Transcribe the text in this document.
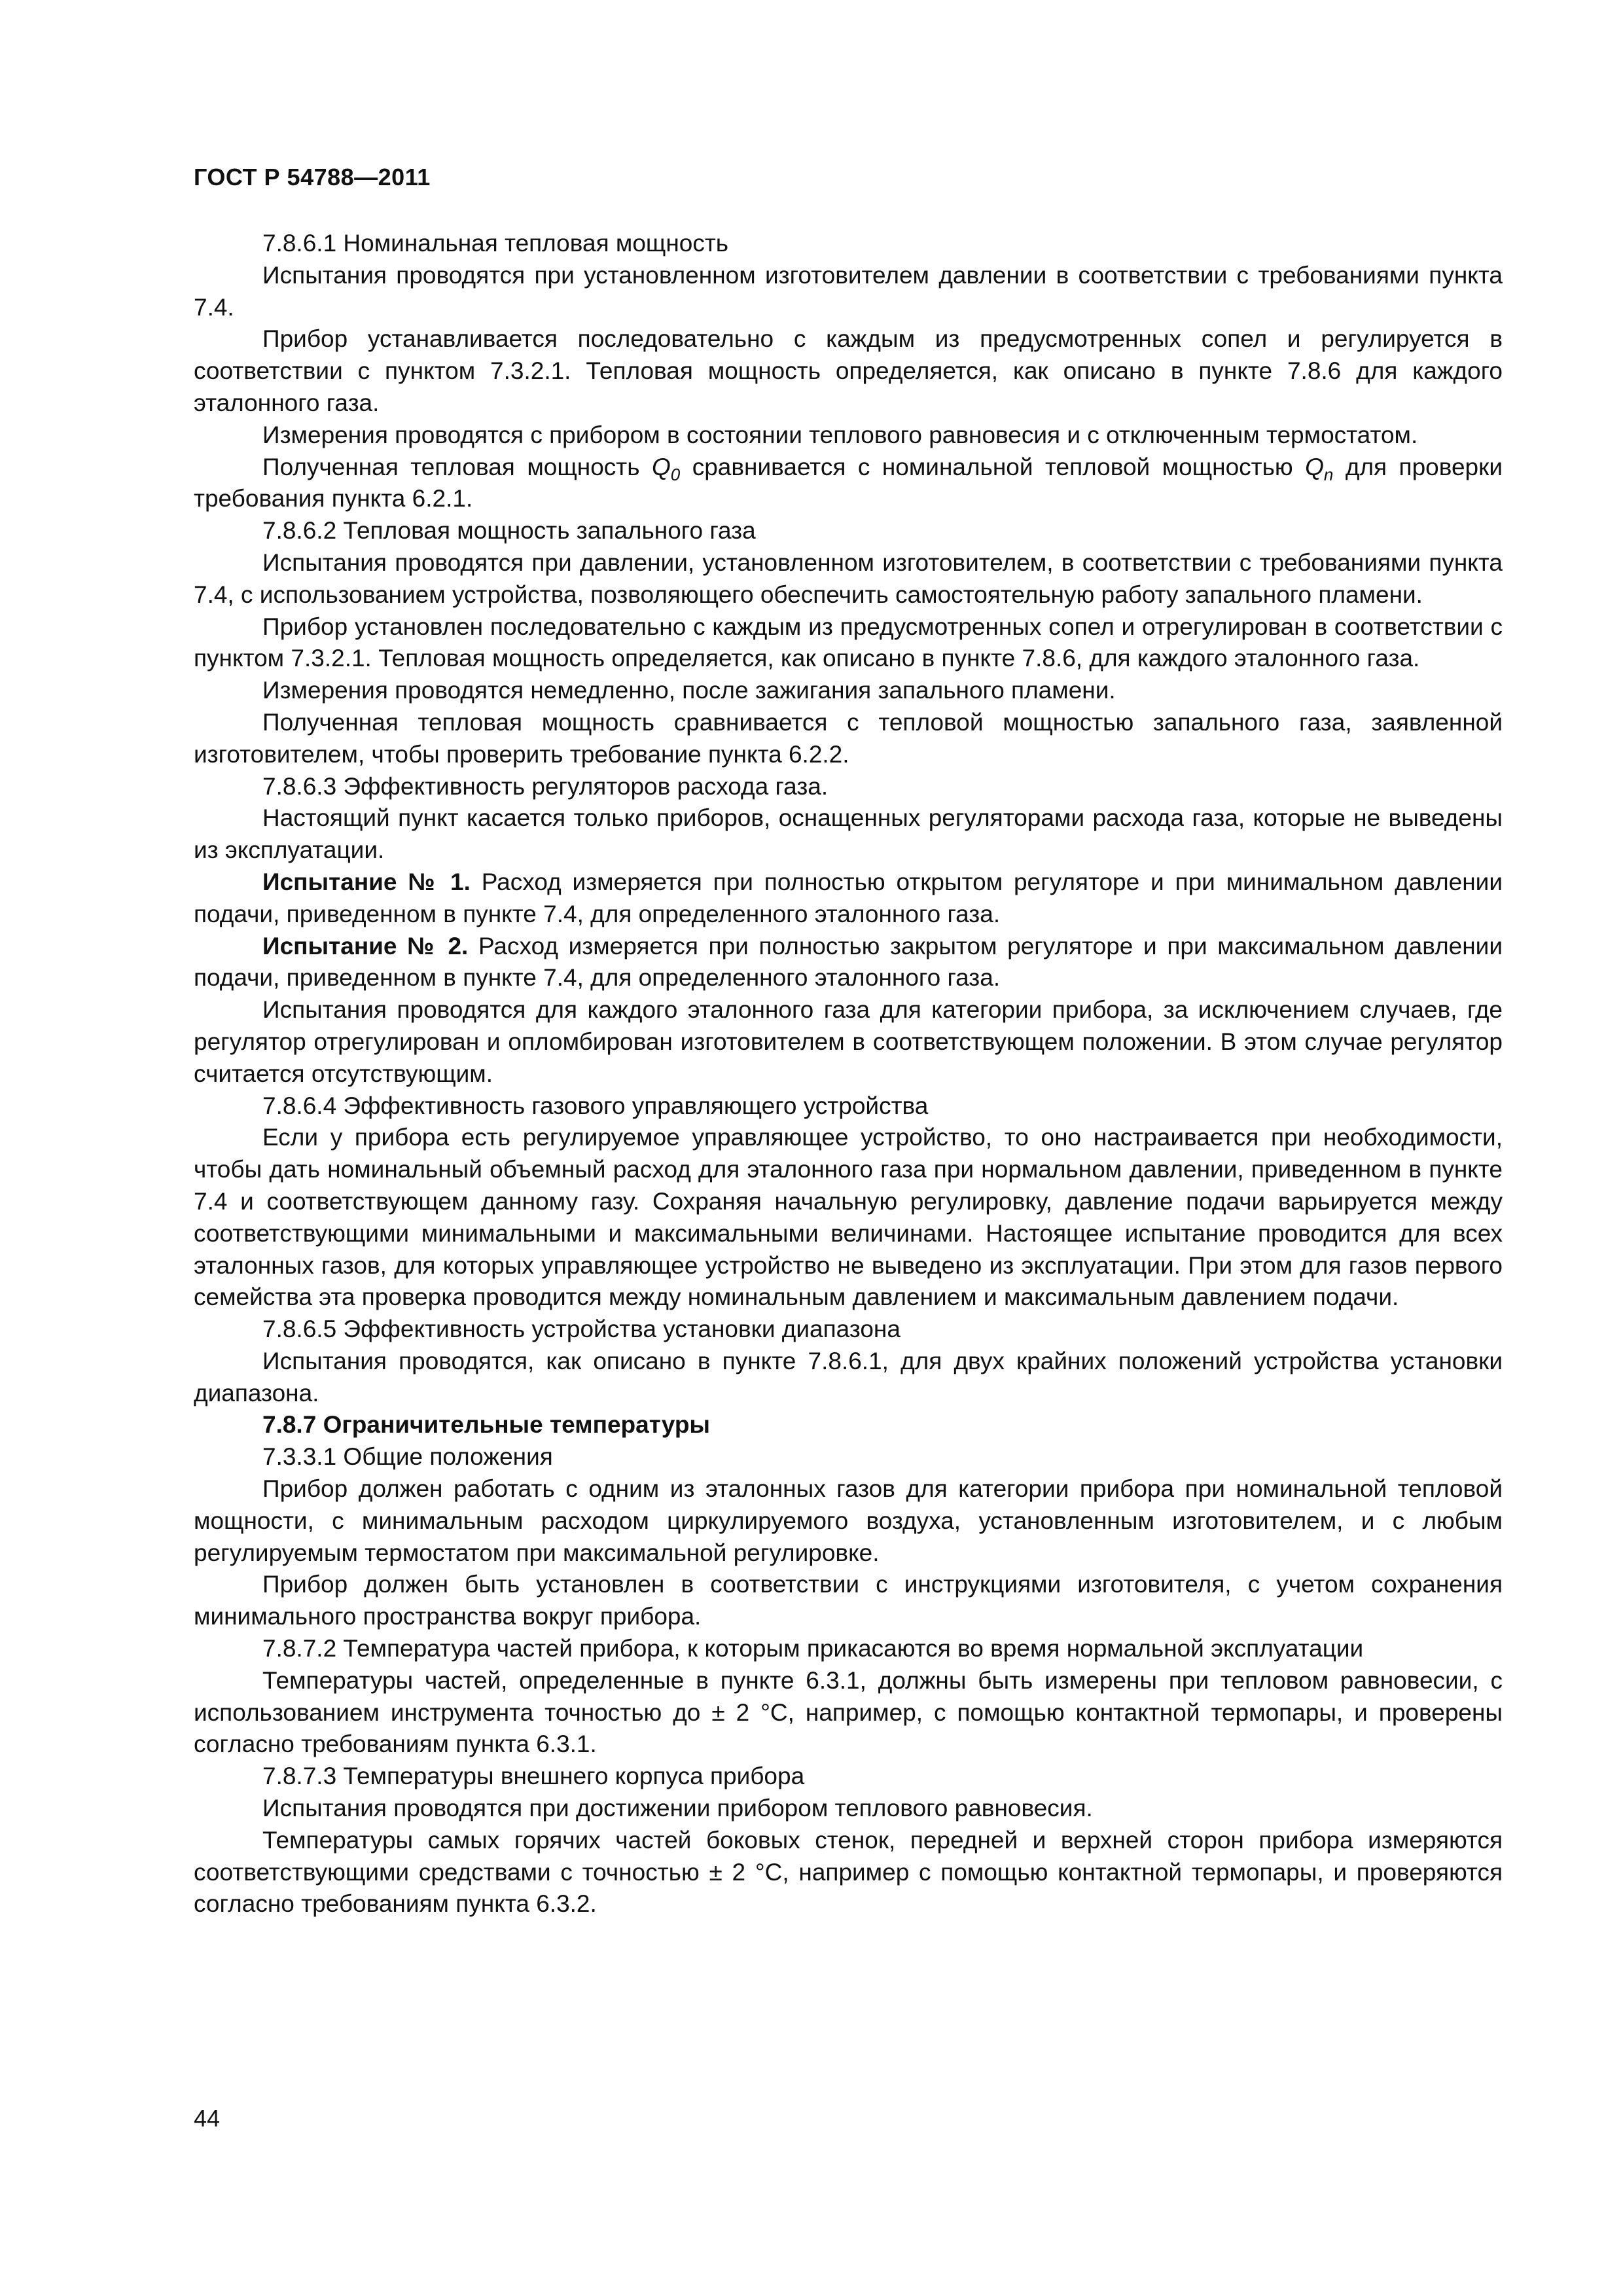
ГОСТ Р 54788—2011

7.8.6.1 Номинальная тепловая мощность

Испытания проводятся при установленном изготовителем давлении в соответствии с требованиями пункта 7.4.

Прибор устанавливается последовательно с каждым из предусмотренных сопел и регулируется в соответствии с пунктом 7.3.2.1. Тепловая мощность определяется, как описано в пункте 7.8.6 для каждого эталонного газа.

Измерения проводятся с прибором в состоянии теплового равновесия и с отключенным термостатом.

Полученная тепловая мощность $Q_0$ сравнивается с номинальной тепловой мощностью $Q_n$ для проверки требования пункта 6.2.1.

7.8.6.2 Тепловая мощность запального газа

Испытания проводятся при давлении, установленном изготовителем, в соответствии с требованиями пункта 7.4, с использованием устройства, позволяющего обеспечить самостоятельную работу запального пламени.

Прибор установлен последовательно с каждым из предусмотренных сопел и отрегулирован в соответствии с пунктом 7.3.2.1. Тепловая мощность определяется, как описано в пункте 7.8.6, для каждого эталонного газа.

Измерения проводятся немедленно, после зажигания запального пламени.

Полученная тепловая мощность сравнивается с тепловой мощностью запального газа, заявленной изготовителем, чтобы проверить требование пункта 6.2.2.

7.8.6.3 Эффективность регуляторов расхода газа.

Настоящий пункт касается только приборов, оснащенных регуляторами расхода газа, которые не выведены из эксплуатации.

Испытание № 1. Расход измеряется при полностью открытом регуляторе и при минимальном давлении подачи, приведенном в пункте 7.4, для определенного эталонного газа.

Испытание № 2. Расход измеряется при полностью закрытом регуляторе и при максимальном давлении подачи, приведенном в пункте 7.4, для определенного эталонного газа.

Испытания проводятся для каждого эталонного газа для категории прибора, за исключением случаев, где регулятор отрегулирован и опломбирован изготовителем в соответствующем положении. В этом случае регулятор считается отсутствующим.

7.8.6.4 Эффективность газового управляющего устройства

Если у прибора есть регулируемое управляющее устройство, то оно настраивается при необходимости, чтобы дать номинальный объемный расход для эталонного газа при нормальном давлении, приведенном в пункте 7.4 и соответствующем данному газу. Сохраняя начальную регулировку, давление подачи варьируется между соответствующими минимальными и максимальными величинами. Настоящее испытание проводится для всех эталонных газов, для которых управляющее устройство не выведено из эксплуатации. При этом для газов первого семейства эта проверка проводится между номинальным давлением и максимальным давлением подачи.

7.8.6.5 Эффективность устройства установки диапазона

Испытания проводятся, как описано в пункте 7.8.6.1, для двух крайних положений устройства установки диапазона.

7.8.7 Ограничительные температуры

7.3.3.1 Общие положения

Прибор должен работать с одним из эталонных газов для категории прибора при номинальной тепловой мощности, с минимальным расходом циркулируемого воздуха, установленным изготовителем, и с любым регулируемым термостатом при максимальной регулировке.

Прибор должен быть установлен в соответствии с инструкциями изготовителя, с учетом сохранения минимального пространства вокруг прибора.

7.8.7.2 Температура частей прибора, к которым прикасаются во время нормальной эксплуатации

Температуры частей, определенные в пункте 6.3.1, должны быть измерены при тепловом равновесии, с использованием инструмента точностью до ± 2 °С, например, с помощью контактной термопары, и проверены согласно требованиям пункта 6.3.1.

7.8.7.3 Температуры внешнего корпуса прибора

Испытания проводятся при достижении прибором теплового равновесия.

Температуры самых горячих частей боковых стенок, передней и верхней сторон прибора измеряются соответствующими средствами с точностью ± 2 °С, например с помощью контактной термопары, и проверяются согласно требованиям пункта 6.3.2.

44
